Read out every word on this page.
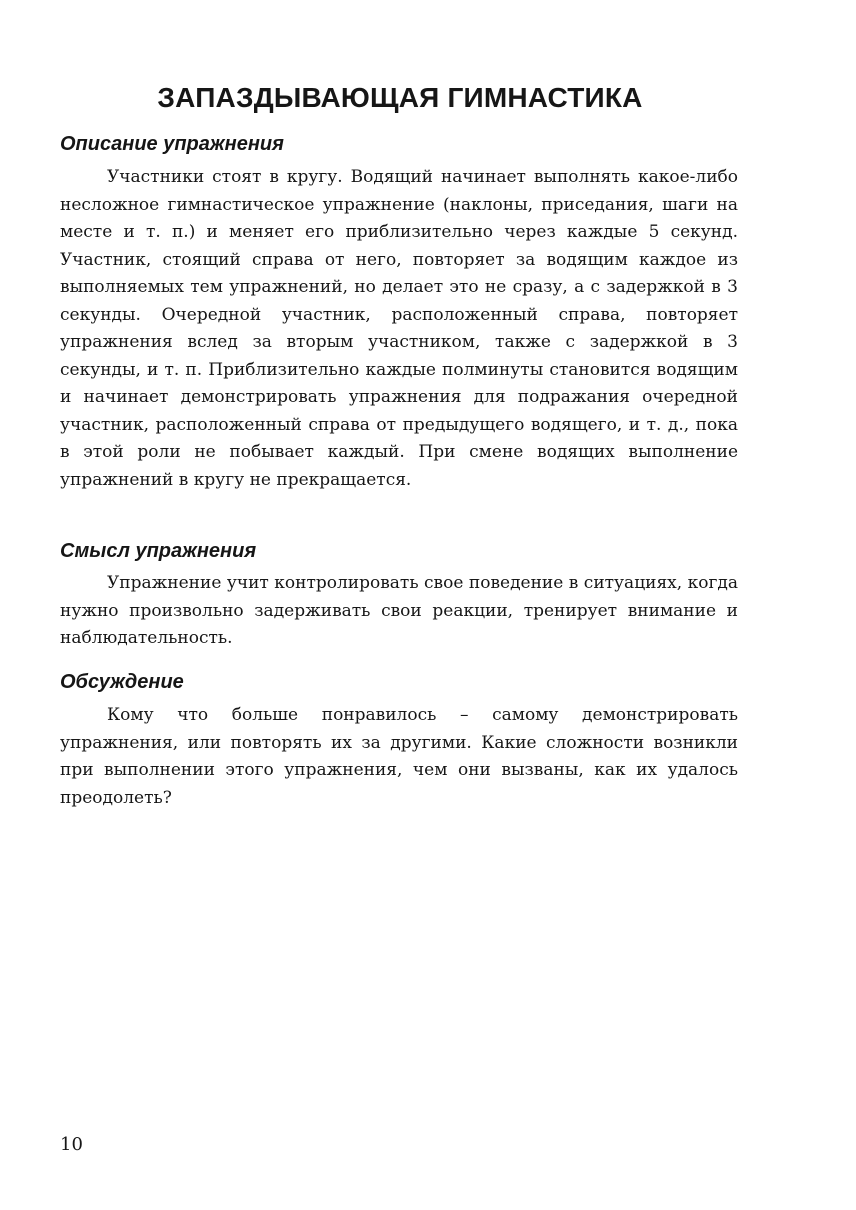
ЗАПАЗДЫВАЮЩАЯ ГИМНАСТИКА
Описание упражнения

Участники стоят в кругу. Водящий начинает выполнять какое-либо несложное гимнастическое упражнение (наклоны, приседания, шаги на месте и т. п.) и меняет его приблизительно через каждые 5 секунд. Участник, стоящий справа от него, повторяет за водящим каждое из выполняемых тем упражнений, но делает это не сразу, а с задержкой в 3 секунды. Очередной участник, расположенный справа, повторяет упражнения вслед за вторым участником, также с задержкой в 3 секунды, и т. п. Приблизительно каждые полминуты становится водящим и начинает демонстрировать упражнения для подражания очередной участник, расположенный справа от предыдущего водящего, и т. д., пока в этой роли не побывает каждый. При смене водящих выполнение упражнений в кругу не прекращается.

Смысл упражнения

Упражнение учит контролировать свое поведение в ситуациях, когда нужно произвольно задерживать свои реакции, тренирует внимание и наблюдательность.

Обсуждение

Кому что больше понравилось – самому демонстрировать упражнения, или повторять их за другими. Какие сложности возникли при выполнении этого упражнения, чем они вызваны, как их удалось преодолеть?

10
